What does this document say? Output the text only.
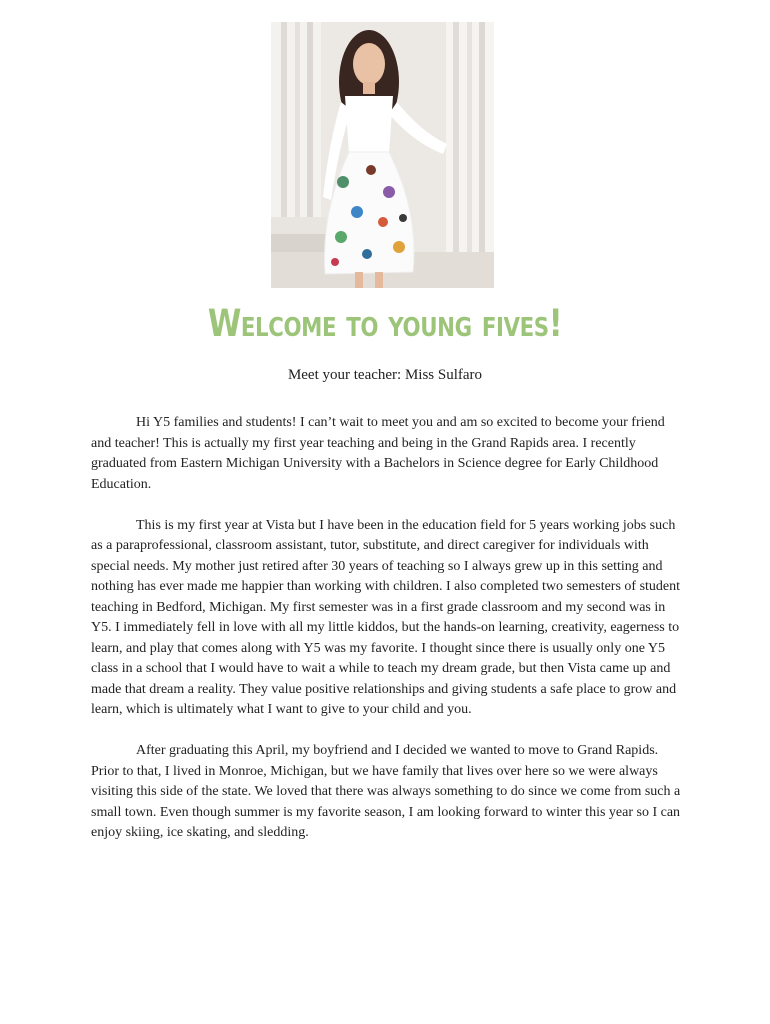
Welcome to young fives!
Meet your teacher: Miss Sulfaro

Hi Y5 families and students! I can’t wait to meet you and am so excited to become your friend and teacher! This is actually my first year teaching and being in the Grand Rapids area. I recently graduated from Eastern Michigan University with a Bachelors in Science degree for Early Childhood Education.

This is my first year at Vista but I have been in the education field for 5 years working jobs such as a paraprofessional, classroom assistant, tutor, substitute, and direct caregiver for individuals with special needs. My mother just retired after 30 years of teaching so I always grew up in this setting and nothing has ever made me happier than working with children. I also completed two semesters of student teaching in Bedford, Michigan. My first semester was in a first grade classroom and my second was in Y5. I immediately fell in love with all my little kiddos, but the hands-on learning, creativity, eagerness to learn, and play that comes along with Y5 was my favorite. I thought since there is usually only one Y5 class in a school that I would have to wait a while to teach my dream grade, but then Vista came up and made that dream a reality. They value positive relationships and giving students a safe place to grow and learn, which is ultimately what I want to give to your child and you.

After graduating this April, my boyfriend and I decided we wanted to move to Grand Rapids. Prior to that, I lived in Monroe, Michigan, but we have family that lives over here so we were always visiting this side of the state. We loved that there was always something to do since we come from such a small town. Even though summer is my favorite season, I am looking forward to winter this year so I can enjoy skiing, ice skating, and sledding.
